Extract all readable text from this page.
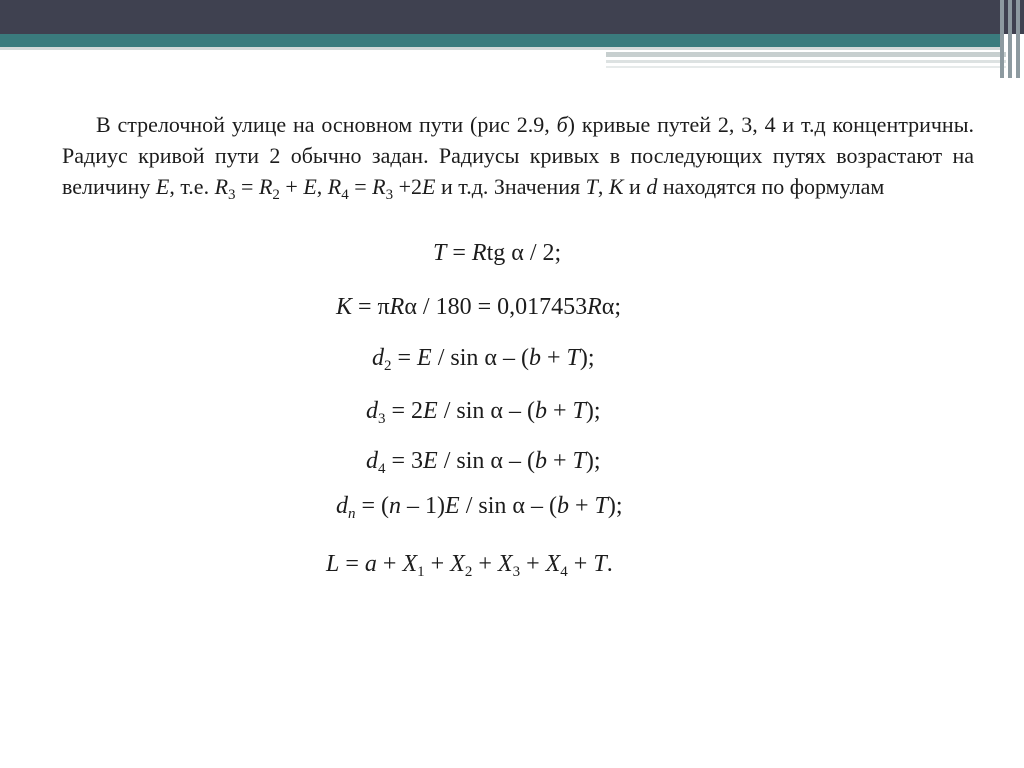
В стрелочной улице на основном пути (рис 2.9, б) кривые путей 2, 3, 4 и т.д концентричны. Радиус кривой пути 2 обычно задан. Радиусы кривых в последующих путях возрастают на величину E, т.е. $R_3 = R_2 + E$, $R_4 = R_3 +2E$ и т.д. Значения T, K и d находятся по формулам
T = Rtg α / 2;
K = πRα / 180 = 0,017453Rα;
$d_2 = E / \sin \alpha - (b + T)$;
$d_3 = 2E / \sin \alpha - (b + T)$;
$d_4 = 3E / \sin \alpha - (b + T)$;
$d_n = (n - 1)E / \sin \alpha - (b + T)$;
$L = a + X_1 + X_2 + X_3 + X_4 + T$.
